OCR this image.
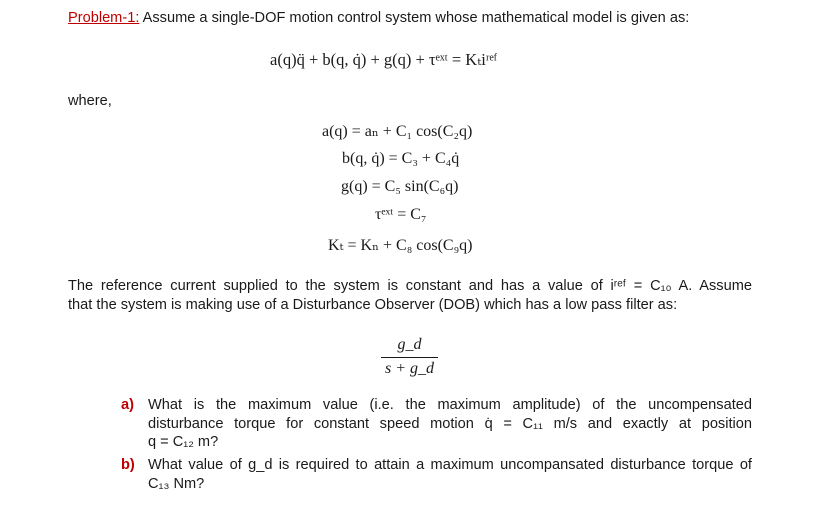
Problem-1: Assume a single-DOF motion control system whose mathematical model is given as:
a(q)q̈ + b(q, q̇) + g(q) + τᵉˣᵗ = Kₜiʳᵉᶠ
where,
a(q) = aₙ + C₁ cos(C₂q)
b(q, q̇) = C₃ + C₄q̇
g(q) = C₅ sin(C₆q)
τᵉˣᵗ = C₇
Kₜ = Kₙ + C₈ cos(C₉q)
The reference current supplied to the system is constant and has a value of iʳᵉᶠ = C₁₀ A. Assume
that the system is making use of a Disturbance Observer (DOB) which has a low pass filter as:
$\frac{g\_d}{s + g\_d}$
a) What is the maximum value (i.e. the maximum amplitude) of the uncompensated
disturbance torque for constant speed motion q̇ = C₁₁ m/s and exactly at position
q = C₁₂ m?
b) What value of g_d is required to attain a maximum uncompansated disturbance torque of
C₁₃ Nm?
